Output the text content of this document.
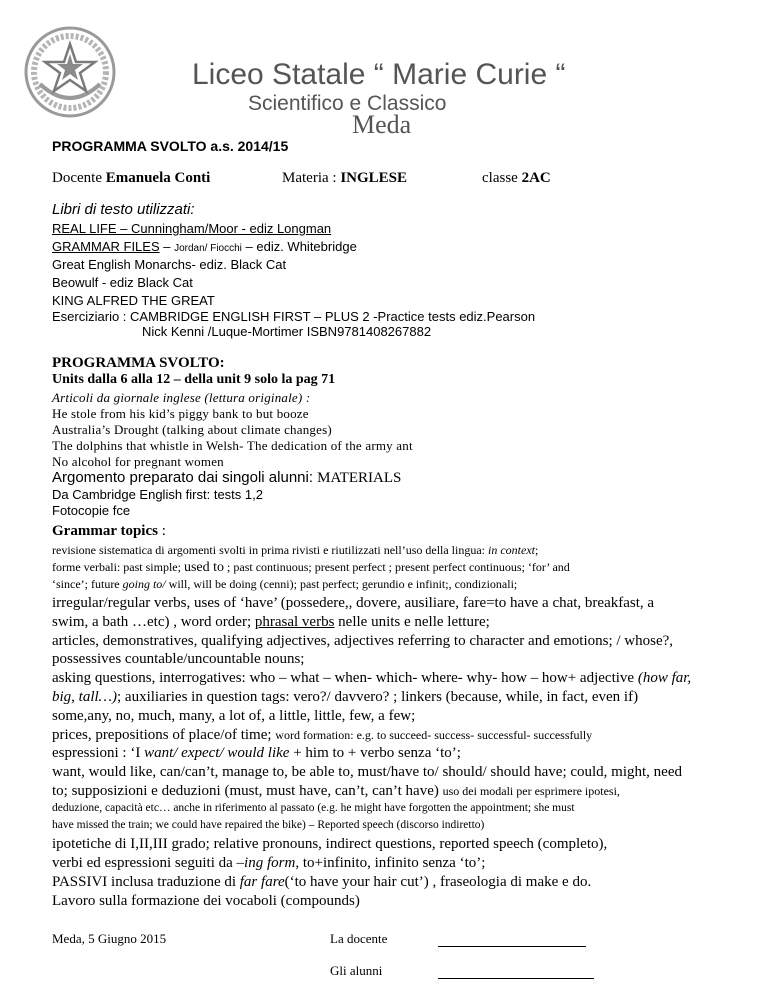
Liceo Statale “ Marie Curie “
Scientifico e Classico
Meda
PROGRAMMA SVOLTO a.s. 2014/15
Docente Emanuela Conti	Materia : INGLESE	classe 2AC
Libri di testo utilizzati:
REAL LIFE – Cunningham/Moor - ediz Longman
GRAMMAR FILES – Jordan/ Fiocchi – ediz. Whitebridge
Great English Monarchs- ediz. Black Cat
Beowulf - ediz Black Cat
KING ALFRED THE GREAT
Eserciziario : CAMBRIDGE ENGLISH FIRST – PLUS 2 -Practice tests ediz.Pearson
Nick Kenni /Luque-Mortimer ISBN9781408267882
PROGRAMMA SVOLTO:
Units dalla 6 alla 12 – della unit 9 solo la pag 71
Articoli da giornale inglese (lettura originale) :
He stole from his kid’s piggy bank to but booze
Australia’s Drought (talking about climate changes)
The dolphins that whistle in Welsh- The dedication of the army ant
No alcohol for pregnant women
Argomento preparato dai singoli alunni: MATERIALS
Da Cambridge English first: tests 1,2
Fotocopie fce
Grammar topics :
revisione sistematica di argomenti svolti in prima rivisti e riutilizzati nell’uso della lingua: in context;
forme verbali: past simple; used to ; past continuous; present perfect ; present perfect continuous; ‘for’ and
‘since’; future going to/ will, will be doing (cenni); past perfect; gerundio e infinit;, condizionali;
irregular/regular verbs, uses of ‘have’ (possedere,, dovere, ausiliare, fare=to have a chat, breakfast, a
swim, a bath …etc) , word order; phrasal verbs nelle units e nelle letture;
articles, demonstratives, qualifying adjectives, adjectives referring to character and emotions; / whose?,
possessives countable/uncountable nouns;
asking questions, interrogatives: who – what – when- which- where- why- how – how+ adjective (how far,
big, tall…); auxiliaries in question tags: vero?/ davvero? ; linkers (because, while, in fact, even if)
some,any, no, much, many, a lot of, a little, little, few, a few;
prices, prepositions of place/of time; word formation: e.g. to succeed- success- successful- successfully
espressioni : ‘I want/ expect/ would like + him to + verbo senza ‘to’;
want, would like, can/can’t, manage to, be able to, must/have to/ should/ should have; could, might, need
to; supposizioni e deduzioni (must, must have, can’t, can’t have) uso dei modali per esprimere ipotesi,
deduzione, capacità etc… anche in riferimento al passato (e.g. he might have forgotten the appointment; she must
have missed the train; we could have repaired the bike) – Reported speech (discorso indiretto)
ipotetiche di I,II,III grado; relative pronouns, indirect questions, reported speech (completo),
verbi ed espressioni seguiti da –ing form, to+infinito, infinito senza ‘to’;
PASSIVI inclusa traduzione di far fare(‘to have your hair cut’) , fraseologia di make e do.
Lavoro sulla formazione dei vocaboli (compounds)
Meda, 5 Giugno 2015	La docente
Gli alunni
